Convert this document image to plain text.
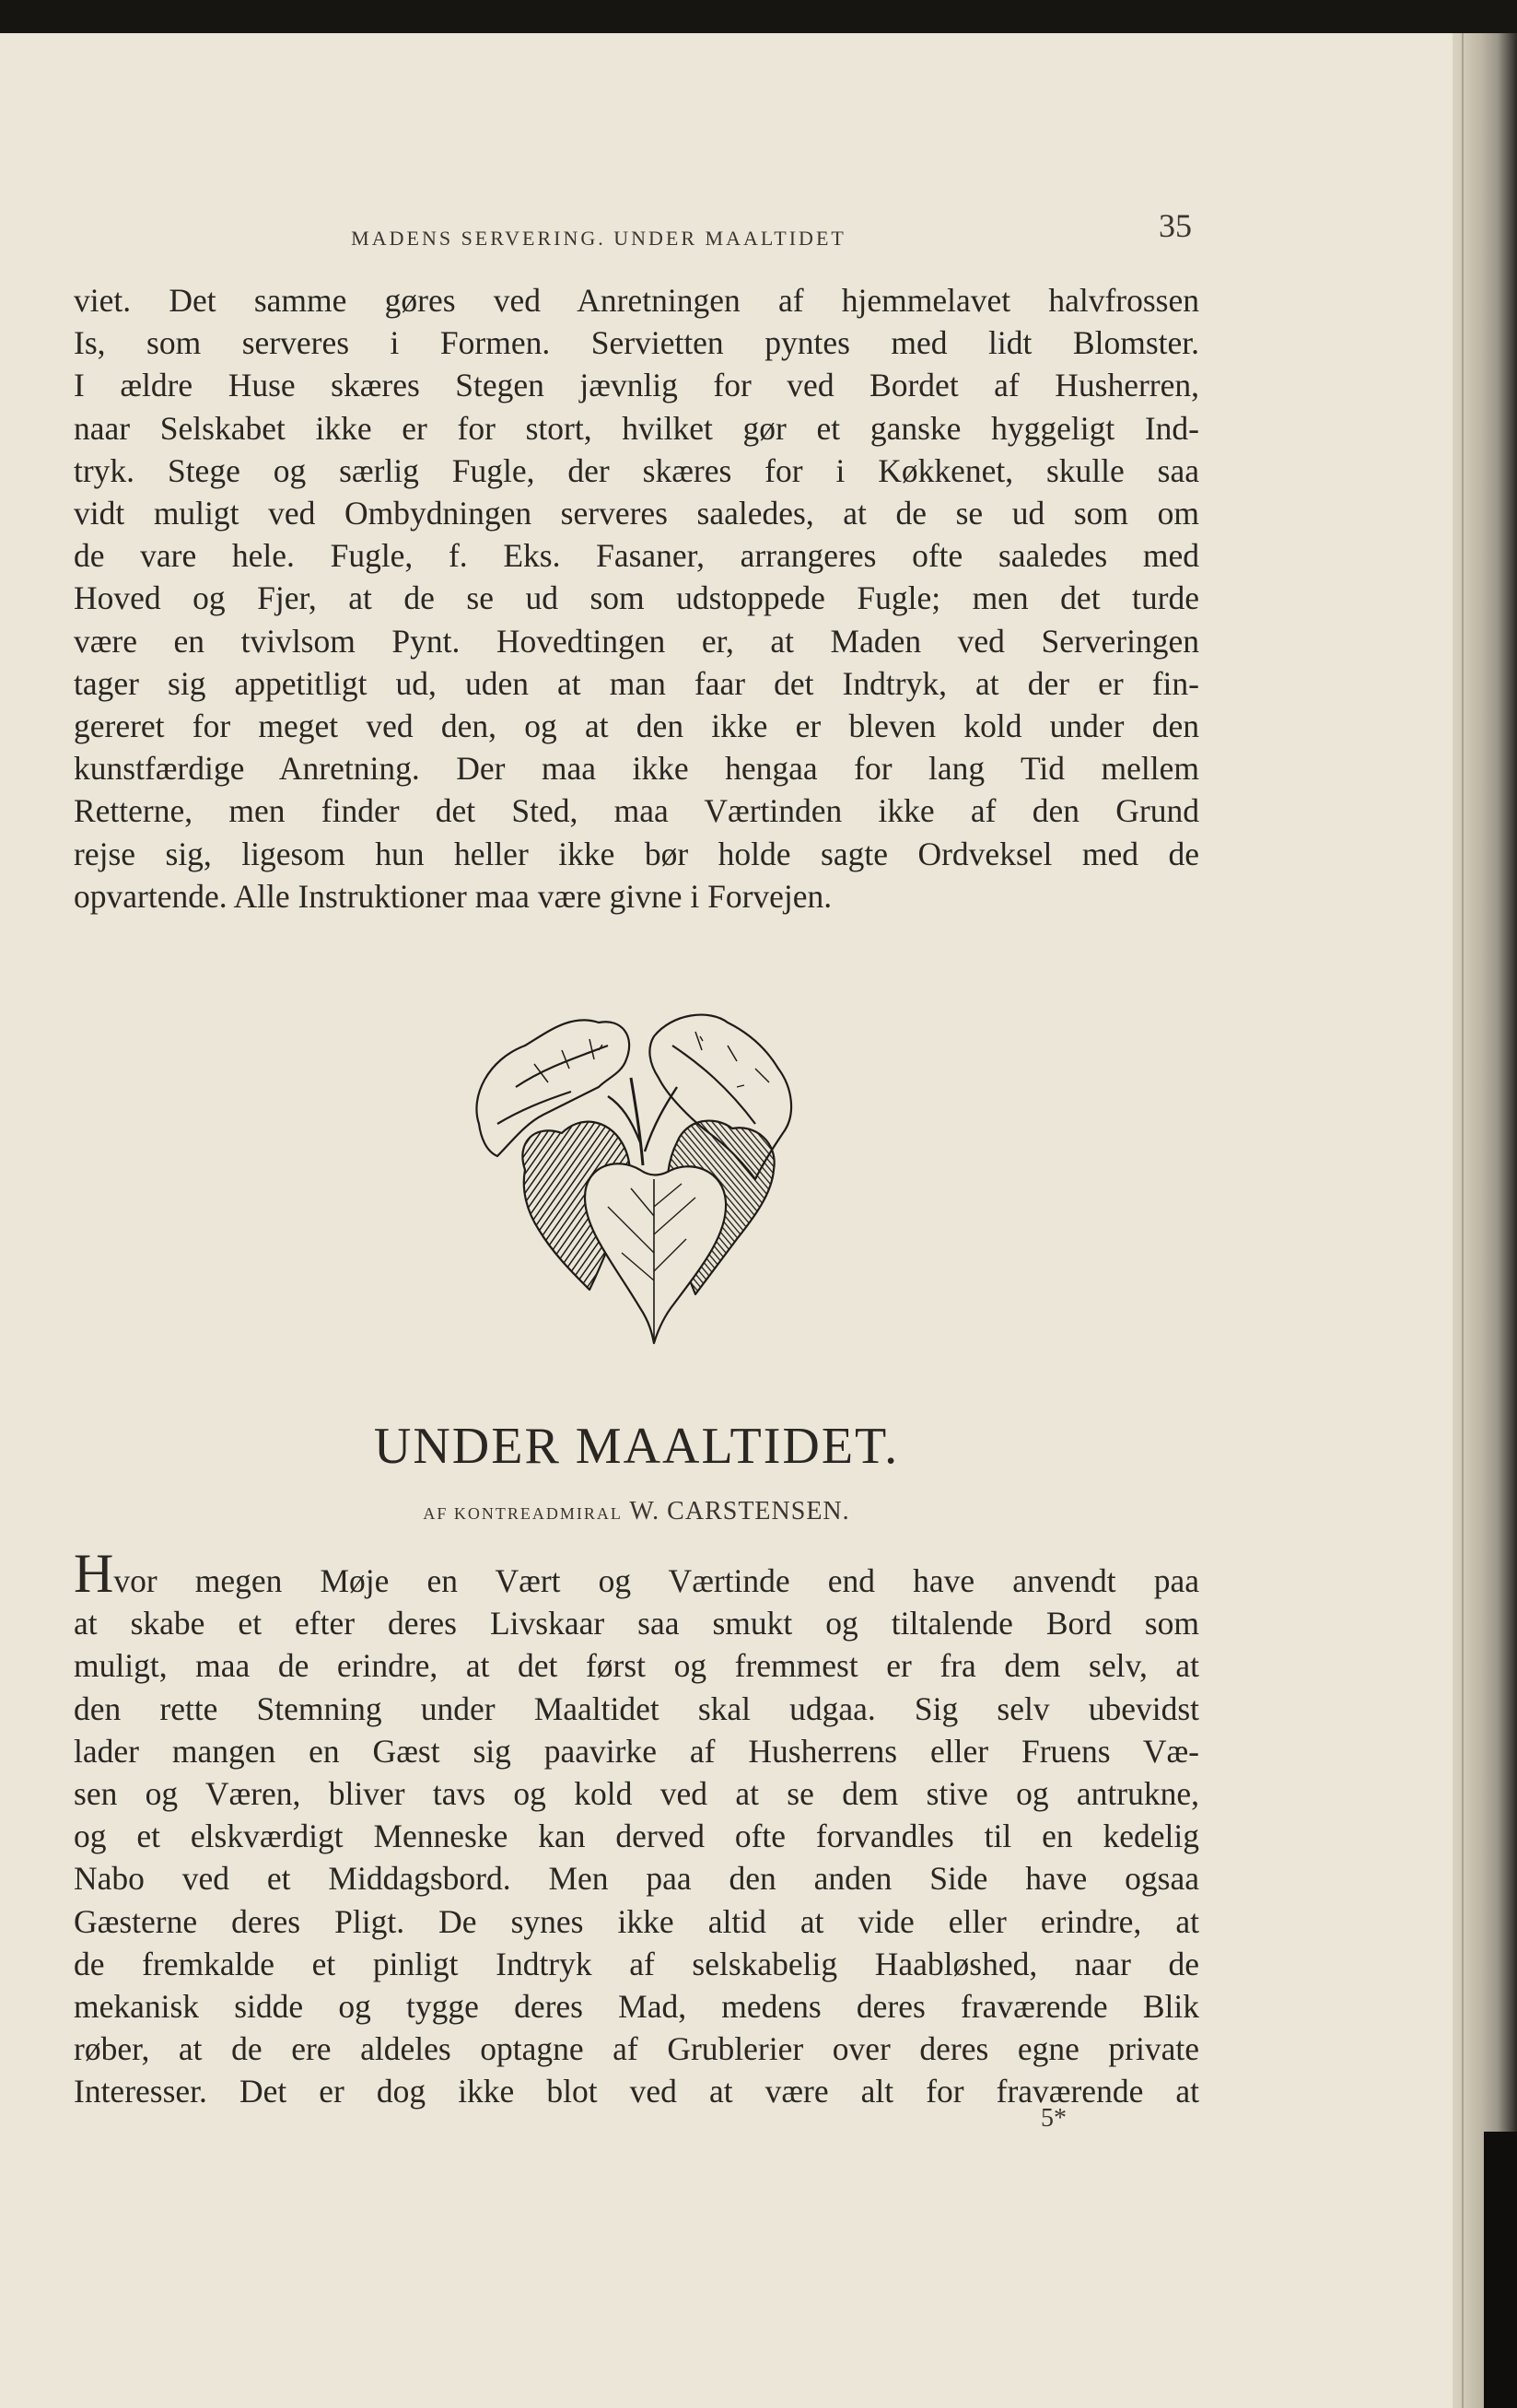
MADENS SERVERING. UNDER MAALTIDET	35
viet. Det samme gøres ved Anretningen af hjemmelavet halvfrossen
Is, som serveres i Formen. Servietten pyntes med lidt Blomster.
I ældre Huse skæres Stegen jævnlig for ved Bordet af Husherren,
naar Selskabet ikke er for stort, hvilket gør et ganske hyggeligt Ind-
tryk. Stege og særlig Fugle, der skæres for i Køkkenet, skulle saa
vidt muligt ved Ombydningen serveres saaledes, at de se ud som om
de vare hele. Fugle, f. Eks. Fasaner, arrangeres ofte saaledes med
Hoved og Fjer, at de se ud som udstoppede Fugle; men det turde
være en tvivlsom Pynt. Hovedtingen er, at Maden ved Serveringen
tager sig appetitligt ud, uden at man faar det Indtryk, at der er fin-
gereret for meget ved den, og at den ikke er bleven kold under den
kunstfærdige Anretning. Der maa ikke hengaa for lang Tid mellem
Retterne, men finder det Sted, maa Værtinden ikke af den Grund
rejse sig, ligesom hun heller ikke bør holde sagte Ordveksel med de
opvartende. Alle Instruktioner maa være givne i Forvejen.
UNDER MAALTIDET.
AF KONTREADMIRAL W. CARSTENSEN.
Hvor megen Møje en Vært og Værtinde end have anvendt paa
at skabe et efter deres Livskaar saa smukt og tiltalende Bord som
muligt, maa de erindre, at det først og fremmest er fra dem selv, at
den rette Stemning under Maaltidet skal udgaa. Sig selv ubevidst
lader mangen en Gæst sig paavirke af Husherrens eller Fruens Væ-
sen og Væren, bliver tavs og kold ved at se dem stive og antrukne,
og et elskværdigt Menneske kan derved ofte forvandles til en kedelig
Nabo ved et Middagsbord. Men paa den anden Side have ogsaa
Gæsterne deres Pligt. De synes ikke altid at vide eller erindre, at
de fremkalde et pinligt Indtryk af selskabelig Haabløshed, naar de
mekanisk sidde og tygge deres Mad, medens deres fraværende Blik
røber, at de ere aldeles optagne af Grublerier over deres egne private
Interesser. Det er dog ikke blot ved at være alt for fraværende at
5*
